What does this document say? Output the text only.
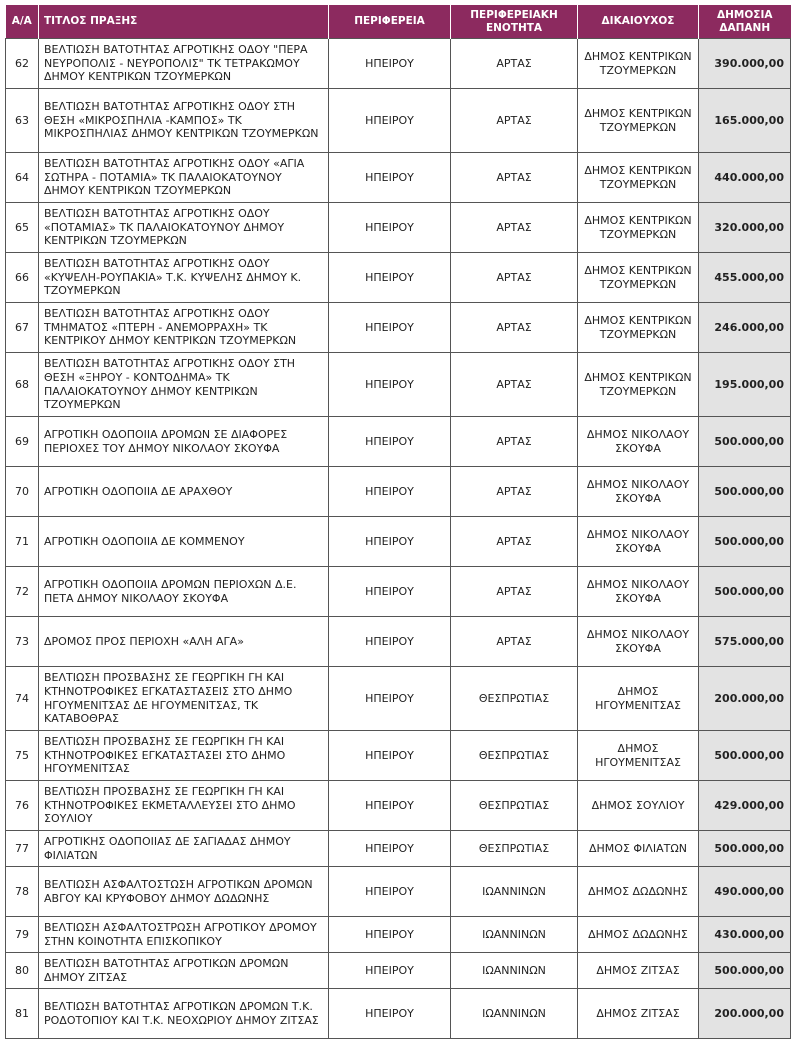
Α/Α	ΤΙΤΛΟΣ ΠΡΑΞΗΣ	ΠΕΡΙΦΕΡΕΙΑ	ΠΕΡΙΦΕΡΕΙΑΚΗ ΕΝΟΤΗΤΑ	ΔΙΚΑΙΟΥΧΟΣ	ΔΗΜΟΣΙΑ ΔΑΠΑΝΗ
62	ΒΕΛΤΙΩΣΗ ΒΑΤΟΤΗΤΑΣ ΑΓΡΟΤΙΚΗΣ ΟΔΟΥ "ΠΕΡΑ ΝΕΥΡΟΠΟΛΙΣ - ΝΕΥΡΟΠΟΛΙΣ" ΤΚ ΤΕΤΡΑΚΩΜΟΥ ΔΗΜΟΥ ΚΕΝΤΡΙΚΩΝ ΤΖΟΥΜΕΡΚΩΝ	ΗΠΕΙΡΟΥ	ΑΡΤΑΣ	ΔΗΜΟΣ ΚΕΝΤΡΙΚΩΝ ΤΖΟΥΜΕΡΚΩΝ	390.000,00
63	ΒΕΛΤΙΩΣΗ ΒΑΤΟΤΗΤΑΣ ΑΓΡΟΤΙΚΗΣ ΟΔΟΥ ΣΤΗ ΘΕΣΗ «ΜΙΚΡΟΣΠΗΛΙΑ -ΚΑΜΠΟΣ» ΤΚ ΜΙΚΡΟΣΠΗΛΙΑΣ ΔΗΜΟΥ ΚΕΝΤΡΙΚΩΝ ΤΖΟΥΜΕΡΚΩΝ	ΗΠΕΙΡΟΥ	ΑΡΤΑΣ	ΔΗΜΟΣ ΚΕΝΤΡΙΚΩΝ ΤΖΟΥΜΕΡΚΩΝ	165.000,00
64	ΒΕΛΤΙΩΣΗ ΒΑΤΟΤΗΤΑΣ ΑΓΡΟΤΙΚΗΣ ΟΔΟΥ «ΑΓΙΑ ΣΩΤΗΡΑ - ΠΟΤΑΜΙΑ» ΤΚ ΠΑΛΑΙΟΚΑΤΟΥΝΟΥ ΔΗΜΟΥ ΚΕΝΤΡΙΚΩΝ ΤΖΟΥΜΕΡΚΩΝ	ΗΠΕΙΡΟΥ	ΑΡΤΑΣ	ΔΗΜΟΣ ΚΕΝΤΡΙΚΩΝ ΤΖΟΥΜΕΡΚΩΝ	440.000,00
65	ΒΕΛΤΙΩΣΗ ΒΑΤΟΤΗΤΑΣ ΑΓΡΟΤΙΚΗΣ ΟΔΟΥ «ΠΟΤΑΜΙΑΣ» ΤΚ ΠΑΛΑΙΟΚΑΤΟΥΝΟΥ ΔΗΜΟΥ ΚΕΝΤΡΙΚΩΝ ΤΖΟΥΜΕΡΚΩΝ	ΗΠΕΙΡΟΥ	ΑΡΤΑΣ	ΔΗΜΟΣ ΚΕΝΤΡΙΚΩΝ ΤΖΟΥΜΕΡΚΩΝ	320.000,00
66	ΒΕΛΤΙΩΣΗ ΒΑΤΟΤΗΤΑΣ ΑΓΡΟΤΙΚΗΣ ΟΔΟΥ «ΚΥΨΕΛΗ-ΡΟΥΠΑΚΙΑ» Τ.Κ. ΚΥΨΕΛΗΣ ΔΗΜΟΥ Κ. ΤΖΟΥΜΕΡΚΩΝ	ΗΠΕΙΡΟΥ	ΑΡΤΑΣ	ΔΗΜΟΣ ΚΕΝΤΡΙΚΩΝ ΤΖΟΥΜΕΡΚΩΝ	455.000,00
67	ΒΕΛΤΙΩΣΗ ΒΑΤΟΤΗΤΑΣ ΑΓΡΟΤΙΚΗΣ ΟΔΟΥ ΤΜΗΜΑΤΟΣ «ΠΤΕΡΗ - ΑΝΕΜΟΡΡΑΧΗ» ΤΚ ΚΕΝΤΡΙΚΟΥ ΔΗΜΟΥ ΚΕΝΤΡΙΚΩΝ ΤΖΟΥΜΕΡΚΩΝ	ΗΠΕΙΡΟΥ	ΑΡΤΑΣ	ΔΗΜΟΣ ΚΕΝΤΡΙΚΩΝ ΤΖΟΥΜΕΡΚΩΝ	246.000,00
68	ΒΕΛΤΙΩΣΗ ΒΑΤΟΤΗΤΑΣ ΑΓΡΟΤΙΚΗΣ ΟΔΟΥ ΣΤΗ ΘΕΣΗ «ΞΗΡΟΥ - ΚΟΝΤΟΔΗΜΑ» ΤΚ ΠΑΛΑΙΟΚΑΤΟΥΝΟΥ ΔΗΜΟΥ ΚΕΝΤΡΙΚΩΝ ΤΖΟΥΜΕΡΚΩΝ	ΗΠΕΙΡΟΥ	ΑΡΤΑΣ	ΔΗΜΟΣ ΚΕΝΤΡΙΚΩΝ ΤΖΟΥΜΕΡΚΩΝ	195.000,00
69	ΑΓΡΟΤΙΚΗ ΟΔΟΠΟΙΙΑ ΔΡΟΜΩΝ ΣΕ ΔΙΑΦΟΡΕΣ ΠΕΡΙΟΧΕΣ ΤΟΥ ΔΗΜΟΥ ΝΙΚΟΛΑΟΥ ΣΚΟΥΦΑ	ΗΠΕΙΡΟΥ	ΑΡΤΑΣ	ΔΗΜΟΣ ΝΙΚΟΛΑΟΥ ΣΚΟΥΦΑ	500.000,00
70	ΑΓΡΟΤΙΚΗ ΟΔΟΠΟΙΙΑ ΔΕ ΑΡΑΧΘΟΥ	ΗΠΕΙΡΟΥ	ΑΡΤΑΣ	ΔΗΜΟΣ ΝΙΚΟΛΑΟΥ ΣΚΟΥΦΑ	500.000,00
71	ΑΓΡΟΤΙΚΗ ΟΔΟΠΟΙΙΑ ΔΕ ΚΟΜΜΕΝΟΥ	ΗΠΕΙΡΟΥ	ΑΡΤΑΣ	ΔΗΜΟΣ ΝΙΚΟΛΑΟΥ ΣΚΟΥΦΑ	500.000,00
72	ΑΓΡΟΤΙΚΗ ΟΔΟΠΟΙΙΑ ΔΡΟΜΩΝ ΠΕΡΙΟΧΩΝ Δ.Ε. ΠΕΤΑ ΔΗΜΟΥ ΝΙΚΟΛΑΟΥ ΣΚΟΥΦΑ	ΗΠΕΙΡΟΥ	ΑΡΤΑΣ	ΔΗΜΟΣ ΝΙΚΟΛΑΟΥ ΣΚΟΥΦΑ	500.000,00
73	ΔΡΟΜΟΣ ΠΡΟΣ ΠΕΡΙΟΧΗ «ΑΛΗ ΑΓΑ»	ΗΠΕΙΡΟΥ	ΑΡΤΑΣ	ΔΗΜΟΣ ΝΙΚΟΛΑΟΥ ΣΚΟΥΦΑ	575.000,00
74	ΒΕΛΤΙΩΣΗ ΠΡΟΣΒΑΣΗΣ ΣΕ ΓΕΩΡΓΙΚΗ ΓΗ ΚΑΙ ΚΤΗΝΟΤΡΟΦΙΚΕΣ ΕΓΚΑΤΑΣΤΑΣΕΙΣ ΣΤΟ ΔΗΜΟ ΗΓΟΥΜΕΝΙΤΣΑΣ ΔΕ ΗΓΟΥΜΕΝΙΤΣΑΣ, ΤΚ ΚΑΤΑΒΟΘΡΑΣ	ΗΠΕΙΡΟΥ	ΘΕΣΠΡΩΤΙΑΣ	ΔΗΜΟΣ ΗΓΟΥΜΕΝΙΤΣΑΣ	200.000,00
75	ΒΕΛΤΙΩΣΗ ΠΡΟΣΒΑΣΗΣ ΣΕ ΓΕΩΡΓΙΚΗ ΓΗ ΚΑΙ ΚΤΗΝΟΤΡΟΦΙΚΕΣ ΕΓΚΑΤΑΣΤΑΣΕΙ ΣΤΟ ΔΗΜΟ ΗΓΟΥΜΕΝΙΤΣΑΣ	ΗΠΕΙΡΟΥ	ΘΕΣΠΡΩΤΙΑΣ	ΔΗΜΟΣ ΗΓΟΥΜΕΝΙΤΣΑΣ	500.000,00
76	ΒΕΛΤΙΩΣΗ ΠΡΟΣΒΑΣΗΣ ΣΕ ΓΕΩΡΓΙΚΗ ΓΗ ΚΑΙ ΚΤΗΝΟΤΡΟΦΙΚΕΣ ΕΚΜΕΤΑΛΛΕΥΣΕΙ ΣΤΟ ΔΗΜΟ ΣΟΥΛΙΟΥ	ΗΠΕΙΡΟΥ	ΘΕΣΠΡΩΤΙΑΣ	ΔΗΜΟΣ ΣΟΥΛΙΟΥ	429.000,00
77	ΑΓΡΟΤΙΚΗΣ ΟΔΟΠΟΙΙΑΣ ΔΕ ΣΑΓΙΑΔΑΣ ΔΗΜΟΥ ΦΙΛΙΑΤΩΝ	ΗΠΕΙΡΟΥ	ΘΕΣΠΡΩΤΙΑΣ	ΔΗΜΟΣ ΦΙΛΙΑΤΩΝ	500.000,00
78	ΒΕΛΤΙΩΣΗ ΑΣΦΑΛΤΟΣΤΩΣΗ ΑΓΡΟΤΙΚΩΝ ΔΡΟΜΩΝ ΑΒΓΟΥ ΚΑΙ ΚΡΥΦΟΒΟΥ ΔΗΜΟΥ ΔΩΔΩΝΗΣ	ΗΠΕΙΡΟΥ	ΙΩΑΝΝΙΝΩΝ	ΔΗΜΟΣ ΔΩΔΩΝΗΣ	490.000,00
79	ΒΕΛΤΙΩΣΗ ΑΣΦΑΛΤΟΣΤΡΩΣΗ ΑΓΡΟΤΙΚΟΥ ΔΡΟΜΟΥ ΣΤΗΝ ΚΟΙΝΟΤΗΤΑ ΕΠΙΣΚΟΠΙΚΟΥ	ΗΠΕΙΡΟΥ	ΙΩΑΝΝΙΝΩΝ	ΔΗΜΟΣ ΔΩΔΩΝΗΣ	430.000,00
80	ΒΕΛΤΙΩΣΗ ΒΑΤΟΤΗΤΑΣ ΑΓΡΟΤΙΚΩΝ ΔΡΟΜΩΝ ΔΗΜΟΥ ΖΙΤΣΑΣ	ΗΠΕΙΡΟΥ	ΙΩΑΝΝΙΝΩΝ	ΔΗΜΟΣ ΖΙΤΣΑΣ	500.000,00
81	ΒΕΛΤΙΩΣΗ ΒΑΤΟΤΗΤΑΣ ΑΓΡΟΤΙΚΩΝ ΔΡΟΜΩΝ Τ.Κ. ΡΟΔΟΤΟΠΙΟΥ ΚΑΙ Τ.Κ. ΝΕΟΧΩΡΙΟΥ ΔΗΜΟΥ ΖΙΤΣΑΣ	ΗΠΕΙΡΟΥ	ΙΩΑΝΝΙΝΩΝ	ΔΗΜΟΣ ΖΙΤΣΑΣ	200.000,00
